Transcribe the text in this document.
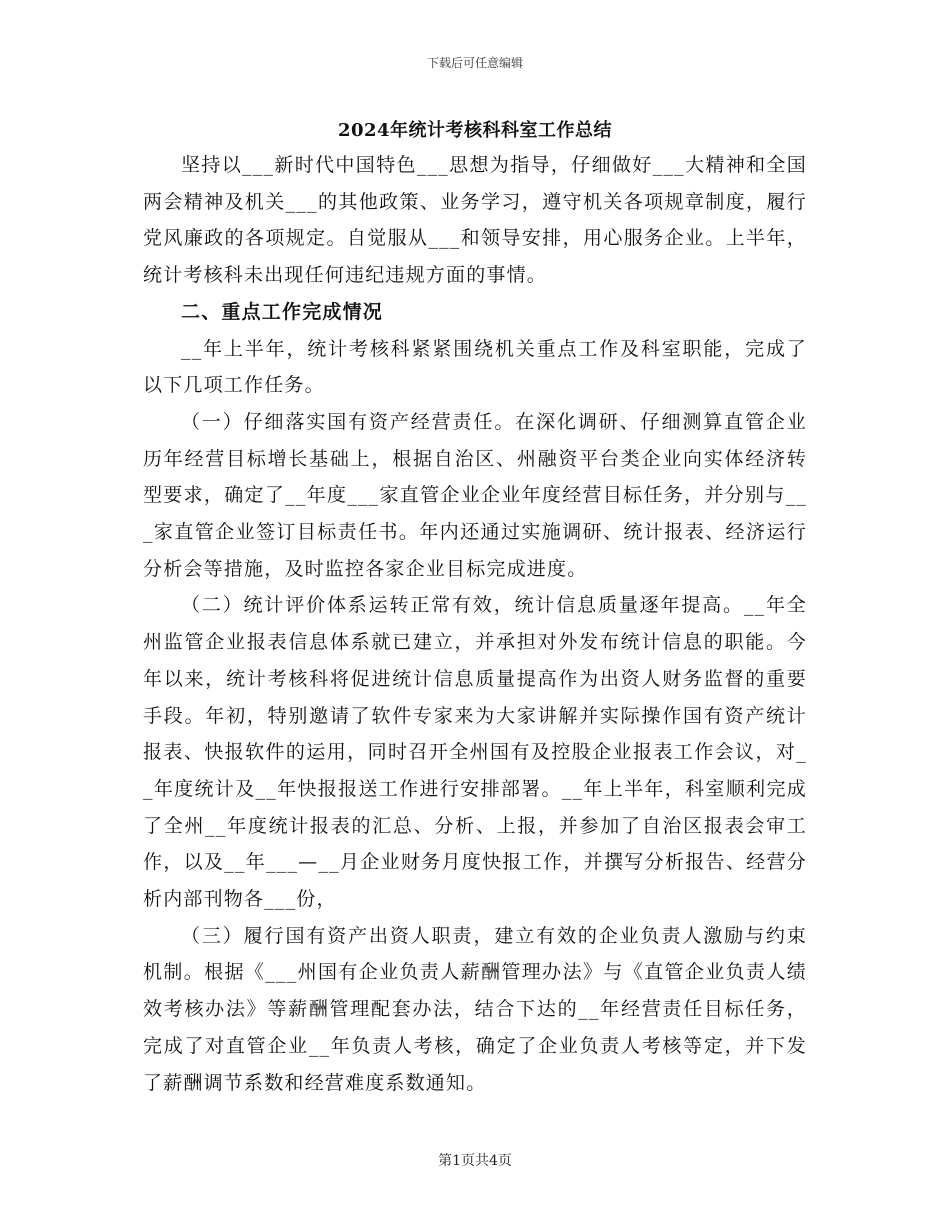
下载后可任意编辑
2024年统计考核科科室工作总结

坚持以___新时代中国特色___思想为指导，仔细做好___大精神和全国两会精神及机关___的其他政策、业务学习，遵守机关各项规章制度，履行党风廉政的各项规定。自觉服从___和领导安排，用心服务企业。上半年，统计考核科未出现任何违纪违规方面的事情。

二、重点工作完成情况

__年上半年，统计考核科紧紧围绕机关重点工作及科室职能，完成了以下几项工作任务。

（一）仔细落实国有资产经营责任。在深化调研、仔细测算直管企业历年经营目标增长基础上，根据自治区、州融资平台类企业向实体经济转型要求，确定了__年度___家直管企业企业年度经营目标任务，并分别与___家直管企业签订目标责任书。年内还通过实施调研、统计报表、经济运行分析会等措施，及时监控各家企业目标完成进度。

（二）统计评价体系运转正常有效，统计信息质量逐年提高。__年全州监管企业报表信息体系就已建立，并承担对外发布统计信息的职能。今年以来，统计考核科将促进统计信息质量提高作为出资人财务监督的重要手段。年初，特别邀请了软件专家来为大家讲解并实际操作国有资产统计报表、快报软件的运用，同时召开全州国有及控股企业报表工作会议，对__年度统计及__年快报报送工作进行安排部署。__年上半年，科室顺利完成了全州__年度统计报表的汇总、分析、上报，并参加了自治区报表会审工作，以及__年___—__月企业财务月度快报工作，并撰写分析报告、经营分析内部刊物各___份，

（三）履行国有资产出资人职责，建立有效的企业负责人激励与约束机制。根据《___州国有企业负责人薪酬管理办法》与《直管企业负责人绩效考核办法》等薪酬管理配套办法，结合下达的__年经营责任目标任务，完成了对直管企业__年负责人考核，确定了企业负责人考核等定，并下发了薪酬调节系数和经营难度系数通知。

第1页共4页
